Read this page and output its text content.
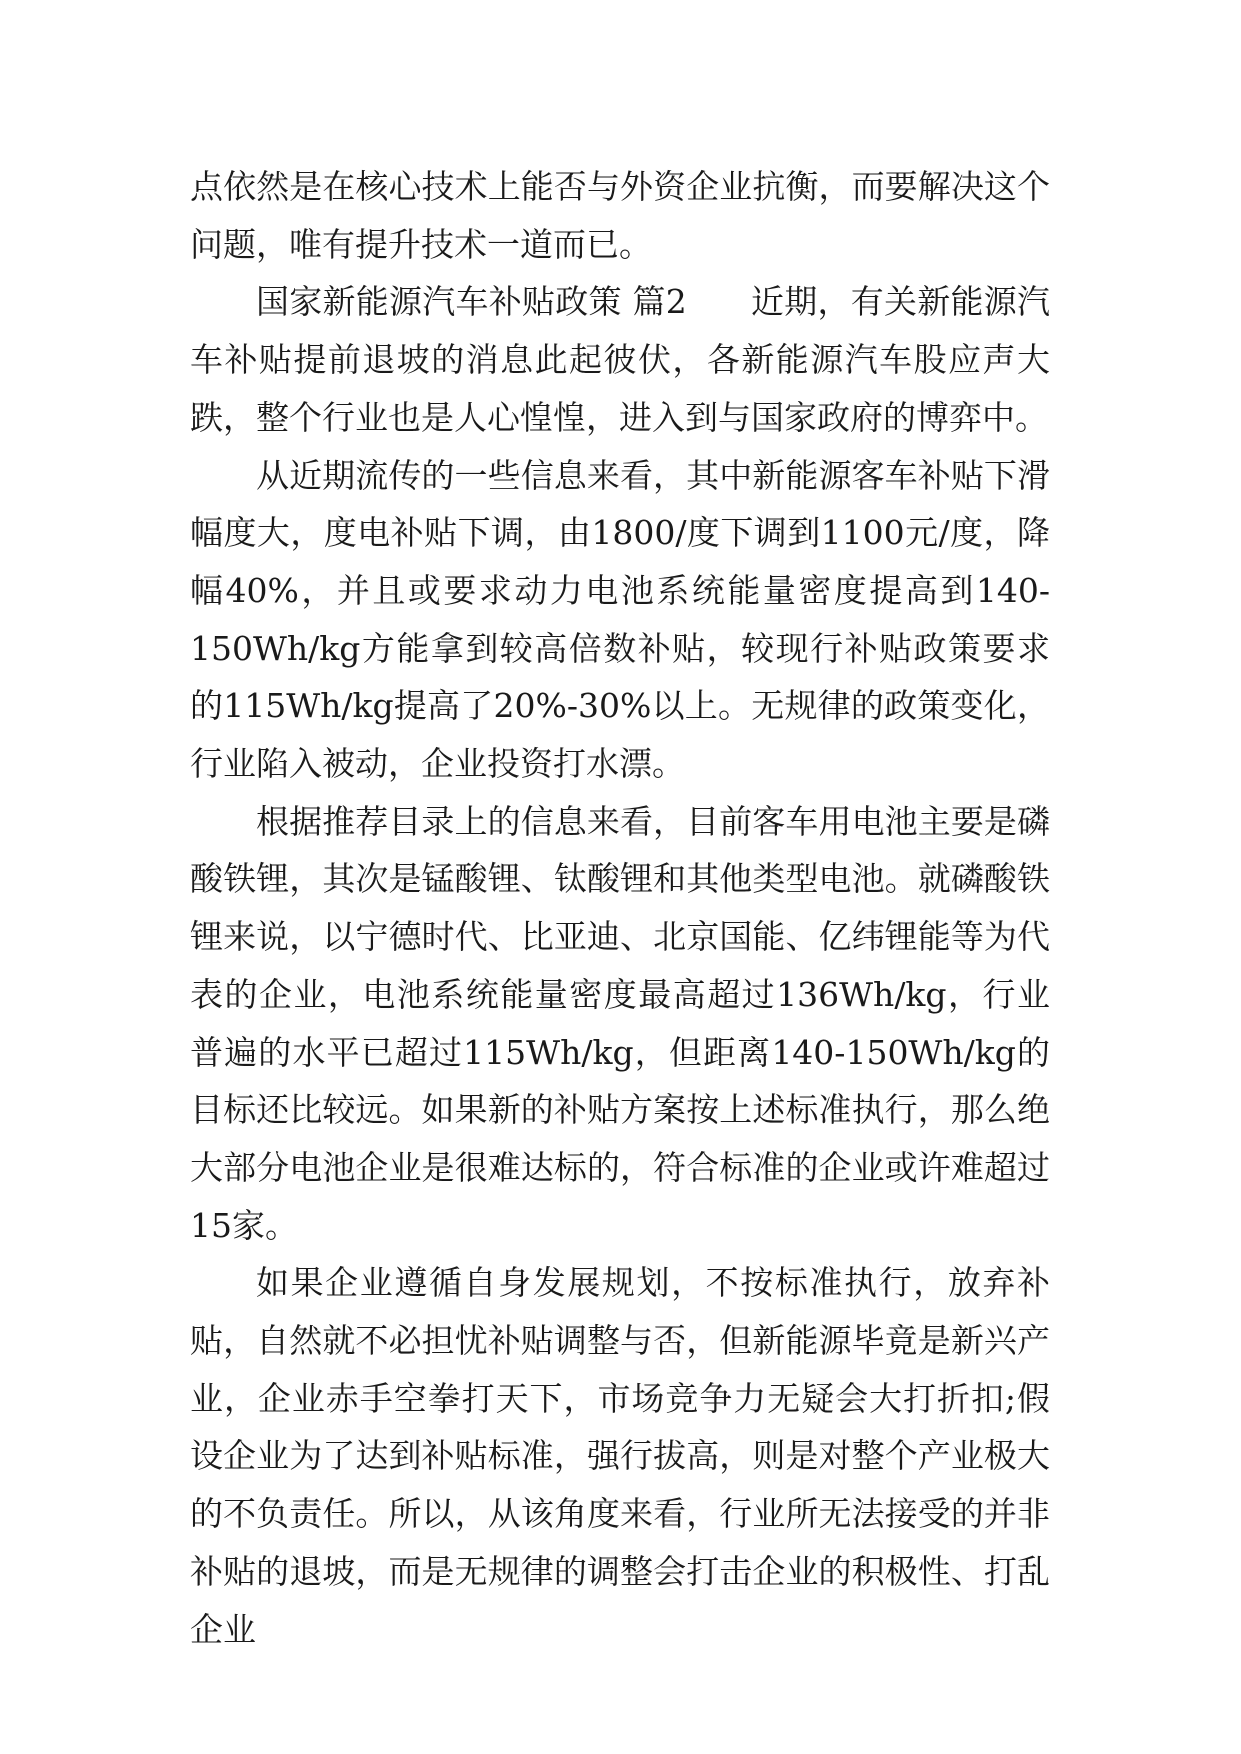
点依然是在核心技术上能否与外资企业抗衡，而要解决这个问题，唯有提升技术一道而已。

国家新能源汽车补贴政策 篇2 近期，有关新能源汽车补贴提前退坡的消息此起彼伏，各新能源汽车股应声大跌，整个行业也是人心惶惶，进入到与国家政府的博弈中。

从近期流传的一些信息来看，其中新能源客车补贴下滑幅度大，度电补贴下调，由1800/度下调到1100元/度，降幅40%，并且或要求动力电池系统能量密度提高到140-150Wh/kg方能拿到较高倍数补贴，较现行补贴政策要求的115Wh/kg提高了20%-30%以上。无规律的政策变化，行业陷入被动，企业投资打水漂。

根据推荐目录上的信息来看，目前客车用电池主要是磷酸铁锂，其次是锰酸锂、钛酸锂和其他类型电池。就磷酸铁锂来说，以宁德时代、比亚迪、北京国能、亿纬锂能等为代表的企业，电池系统能量密度最高超过136Wh/kg，行业普遍的水平已超过115Wh/kg，但距离140-150Wh/kg的目标还比较远。如果新的补贴方案按上述标准执行，那么绝大部分电池企业是很难达标的，符合标准的企业或许难超过15家。

如果企业遵循自身发展规划，不按标准执行，放弃补贴，自然就不必担忧补贴调整与否，但新能源毕竟是新兴产业，企业赤手空拳打天下，市场竞争力无疑会大打折扣;假设企业为了达到补贴标准，强行拔高，则是对整个产业极大的不负责任。所以，从该角度来看，行业所无法接受的并非补贴的退坡，而是无规律的调整会打击企业的积极性、打乱企业
